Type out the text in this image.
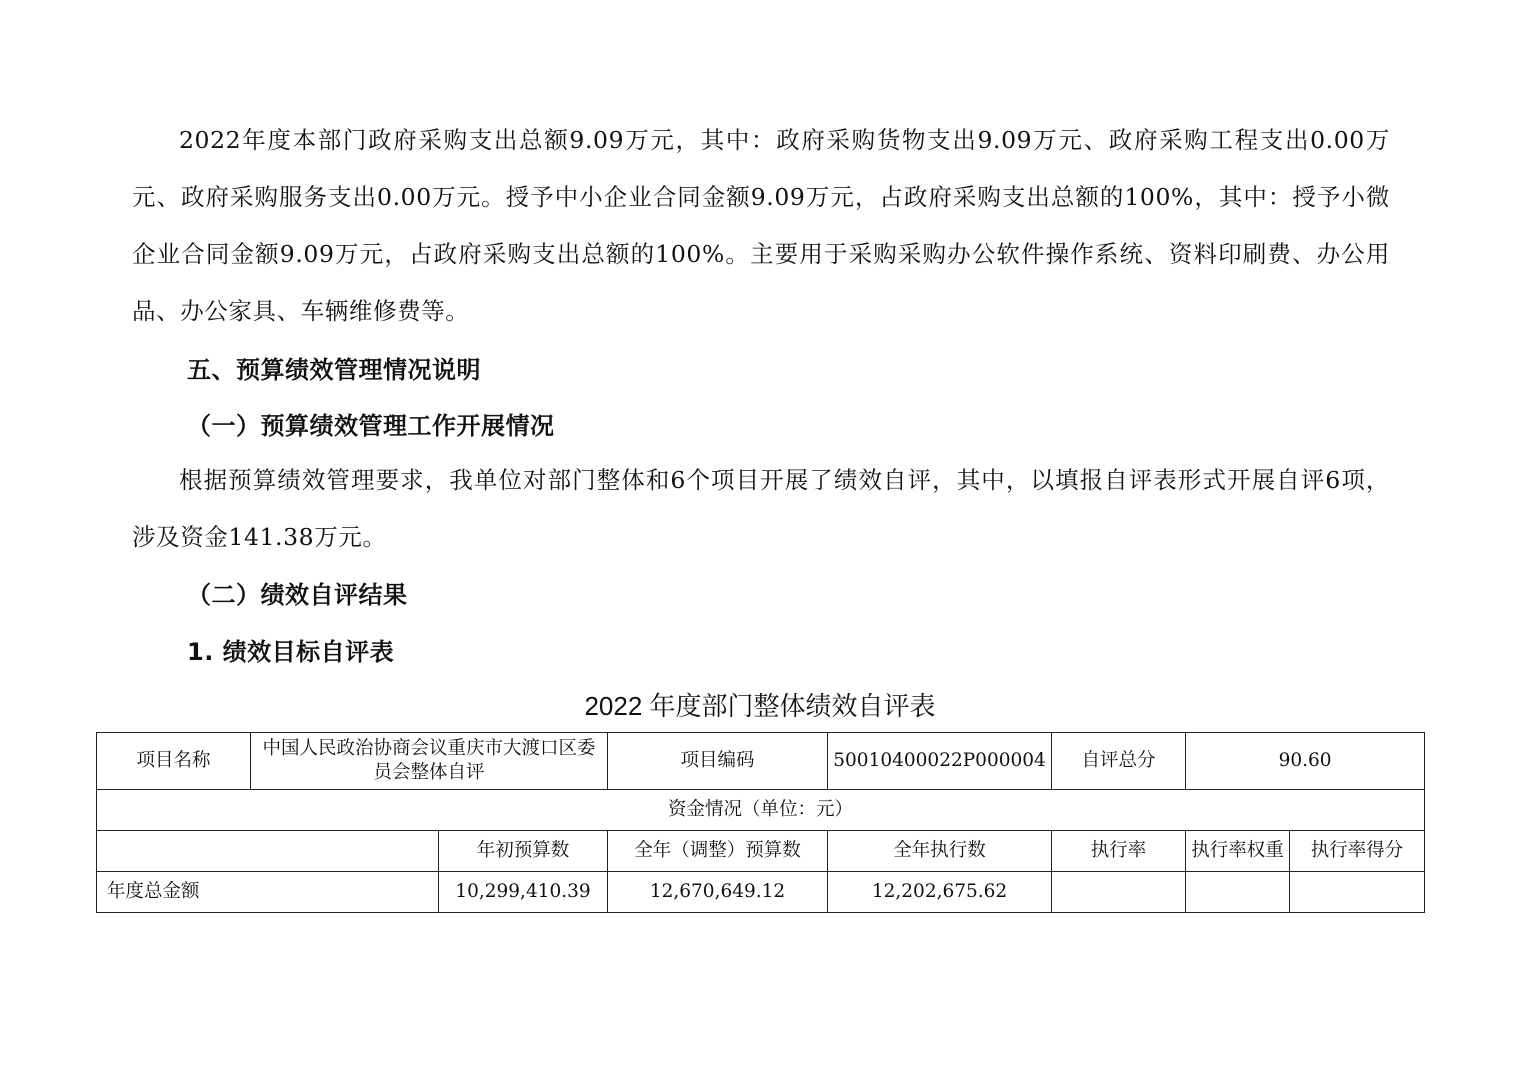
2022年度本部门政府采购支出总额9.09万元，其中：政府采购货物支出9.09万元、政府采购工程支出0.00万元、政府采购服务支出0.00万元。授予中小企业合同金额9.09万元，占政府采购支出总额的100%，其中：授予小微企业合同金额9.09万元，占政府采购支出总额的100%。主要用于采购采购办公软件操作系统、资料印刷费、办公用品、办公家具、车辆维修费等。

五、预算绩效管理情况说明

（一）预算绩效管理工作开展情况

根据预算绩效管理要求，我单位对部门整体和6个项目开展了绩效自评，其中，以填报自评表形式开展自评6项，涉及资金141.38万元。

（二）绩效自评结果

1. 绩效目标自评表

2022 年度部门整体绩效自评表

项目名称	中国人民政治协商会议重庆市大渡口区委员会整体自评		项目编码	50010400022P000004	自评总分	90.60	
资金情况（单位：元）							
		年初预算数	全年（调整）预算数	全年执行数	执行率	执行率权重	执行率得分
年度总金额		10,299,410.39	12,670,649.12	12,202,675.62			
